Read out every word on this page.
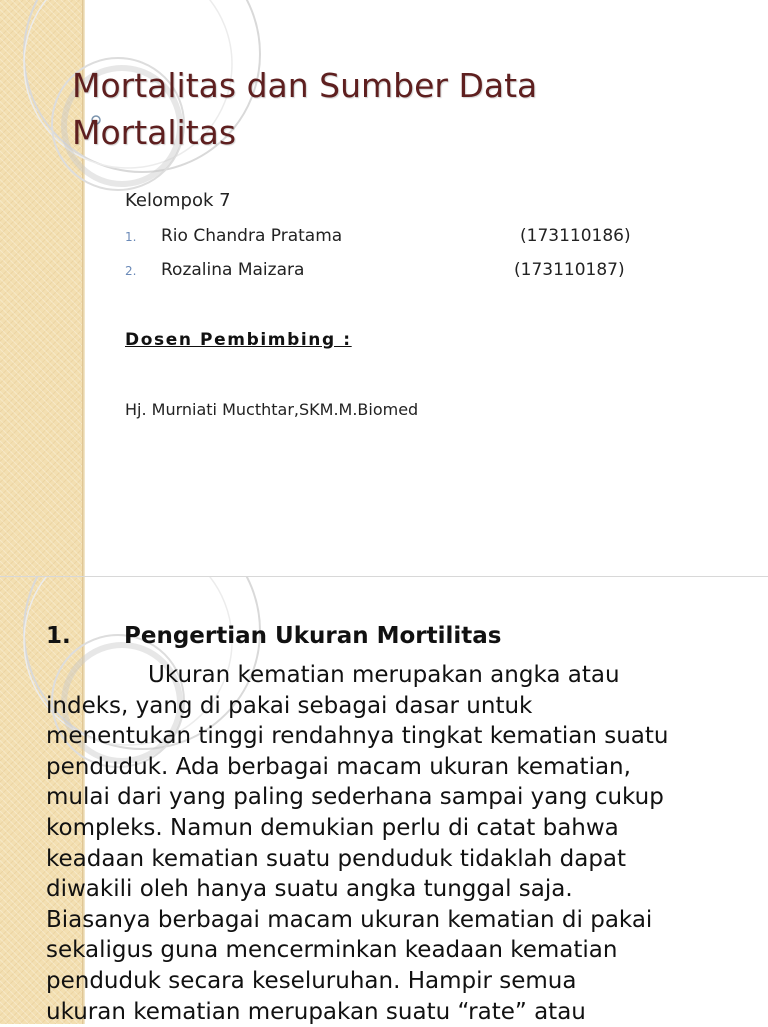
Mortalitas dan Sumber Data Mortalitas
Kelompok 7
1. Rio Chandra Pratama	(173110186)
2. Rozalina Maizara	(173110187)
Dosen Pembimbing :
Hj. Murniati Mucthtar,SKM.M.Biomed
1. Pengertian Ukuran Mortilitas
Ukuran kematian merupakan angka atau
indeks, yang di pakai sebagai dasar untuk
menentukan tinggi rendahnya tingkat kematian suatu
penduduk. Ada berbagai macam ukuran kematian,
mulai dari yang paling sederhana sampai yang cukup
kompleks. Namun demukian perlu di catat bahwa
keadaan kematian suatu penduduk tidaklah dapat
diwakili oleh hanya suatu angka tunggal saja.
Biasanya berbagai macam ukuran kematian di pakai
sekaligus guna mencerminkan keadaan kematian
penduduk secara keseluruhan. Hampir semua
ukuran kematian merupakan suatu “rate” atau
